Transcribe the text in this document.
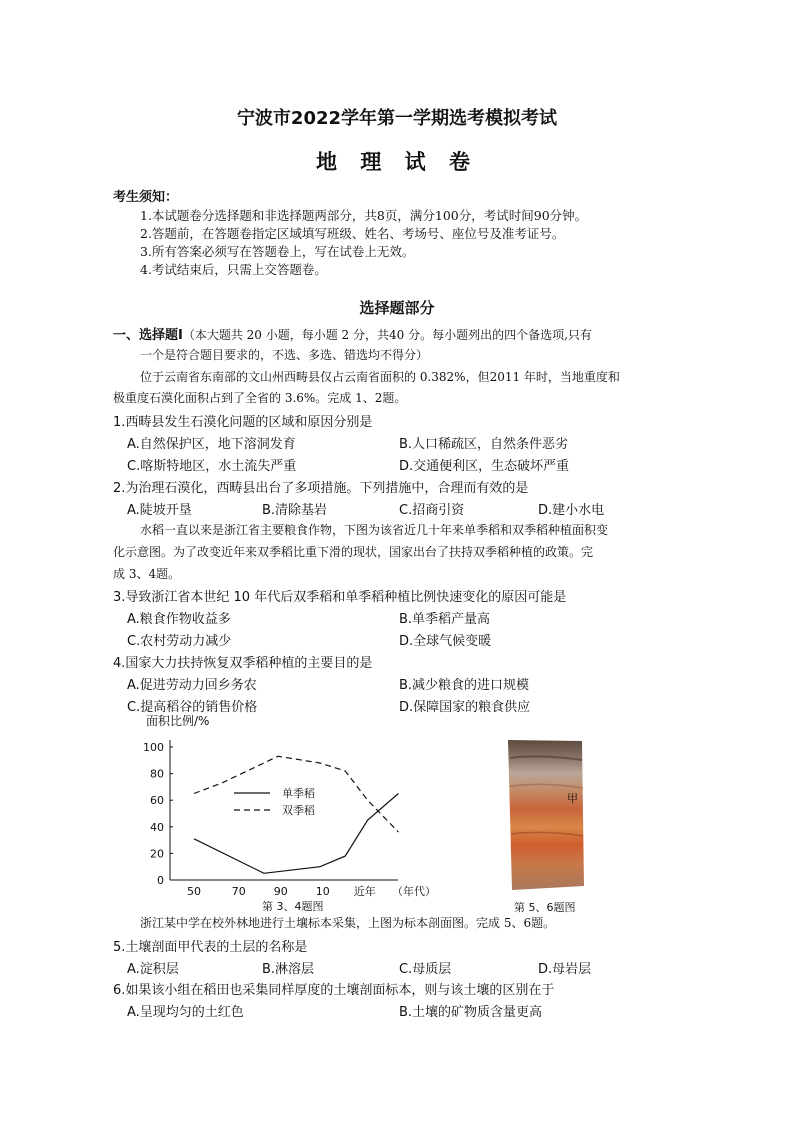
宁波市2022学年第一学期选考模拟考试
地 理 试 卷
考生须知：
1.本试题卷分选择题和非选择题两部分，共8页，满分100分，考试时间90分钟。
2.答题前，在答题卷指定区域填写班级、姓名、考场号、座位号及准考证号。
3.所有答案必须写在答题卷上，写在试卷上无效。
4.考试结束后，只需上交答题卷。
选择题部分
一、选择题Ⅰ（本大题共 20 小题，每小题 2 分，共40 分。每小题列出的四个备选项,只有
一个是符合题目要求的，不选、多选、错选均不得分）
位于云南省东南部的文山州西畴县仅占云南省面积的 0.382%，但2011 年时，当地重度和
极重度石漠化面积占到了全省的 3.6%。完成 1、2题。
1.西畴县发生石漠化问题的区域和原因分别是
A.自然保护区，地下溶洞发育	B.人口稀疏区，自然条件恶劣
C.喀斯特地区，水土流失严重	D.交通便利区，生态破坏严重
2.为治理石漠化，西畴县出台了多项措施。下列措施中，合理而有效的是
A.陡坡开垦	B.清除基岩	C.招商引资	D.建小水电
水稻一直以来是浙江省主要粮食作物，下图为该省近几十年来单季稻和双季稻种植面积变
化示意图。为了改变近年来双季稻比重下滑的现状，国家出台了扶持双季稻种植的政策。完
成 3、4题。
3.导致浙江省本世纪 10 年代后双季稻和单季稻种植比例快速变化的原因可能是
A.粮食作物收益多	B.单季稻产量高
C.农村劳动力减少	D.全球气候变暖
4.国家大力扶持恢复双季稻种植的主要目的是
A.促进劳动力回乡务农	B.减少粮食的进口规模
C.提高稻谷的销售价格	D.保障国家的粮食供应
面积比例/%
0
20
40
60
80
100
50	70	90	10 近年 （年代）
单季稻
双季稻
第 3、4题图
甲
第 5、6题图
浙江某中学在校外林地进行土壤标本采集，上图为标本剖面图。完成 5、6题。
5.土壤剖面甲代表的土层的名称是
A.淀积层	B.淋溶层	C.母质层	D.母岩层
6.如果该小组在稻田也采集同样厚度的土壤剖面标本，则与该土壤的区别在于
A.呈现均匀的土红色	B.土壤的矿物质含量更高
